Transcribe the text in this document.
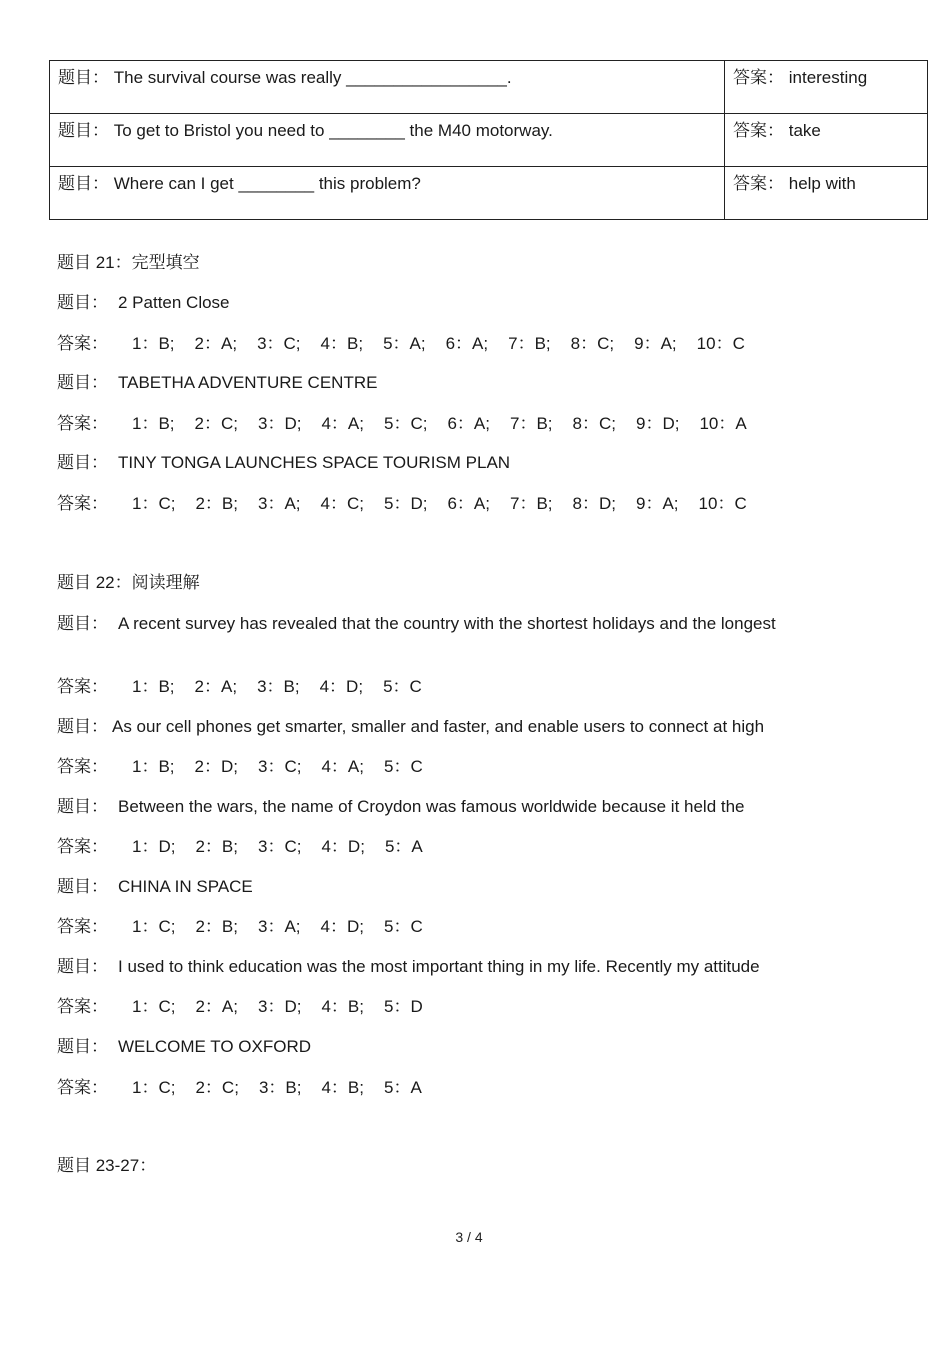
题目： The survival course was really _________________.	答案： interesting
题目： To get to Bristol you need to ________ the M40 motorway.	答案： take
题目： Where can I get ________ this problem?	答案： help with
题目 21：完型填空
题目： 2 Patten Close
答案： 1：B; 2：A; 3：C; 4：B; 5：A; 6：A; 7：B; 8：C; 9：A; 10：C
题目： TABETHA ADVENTURE CENTRE
答案： 1：B; 2：C; 3：D; 4：A; 5：C; 6：A; 7：B; 8：C; 9：D; 10：A
题目： TINY TONGA LAUNCHES SPACE TOURISM PLAN
答案： 1：C; 2：B; 3：A; 4：C; 5：D; 6：A; 7：B; 8：D; 9：A; 10：C
题目 22：阅读理解
题目： A recent survey has revealed that the country with the shortest holidays and the longest
答案： 1：B; 2：A; 3：B; 4：D; 5：C
题目： As our cell phones get smarter, smaller and faster, and enable users to connect at high
答案： 1：B; 2：D; 3：C; 4：A; 5：C
题目： Between the wars, the name of Croydon was famous worldwide because it held the
答案： 1：D; 2：B; 3：C; 4：D; 5：A
题目： CHINA IN SPACE
答案： 1：C; 2：B; 3：A; 4：D; 5：C
题目： I used to think education was the most important thing in my life. Recently my attitude
答案： 1：C; 2：A; 3：D; 4：B; 5：D
题目： WELCOME TO OXFORD
答案： 1：C; 2：C; 3：B; 4：B; 5：A
题目 23-27：
3 / 4
